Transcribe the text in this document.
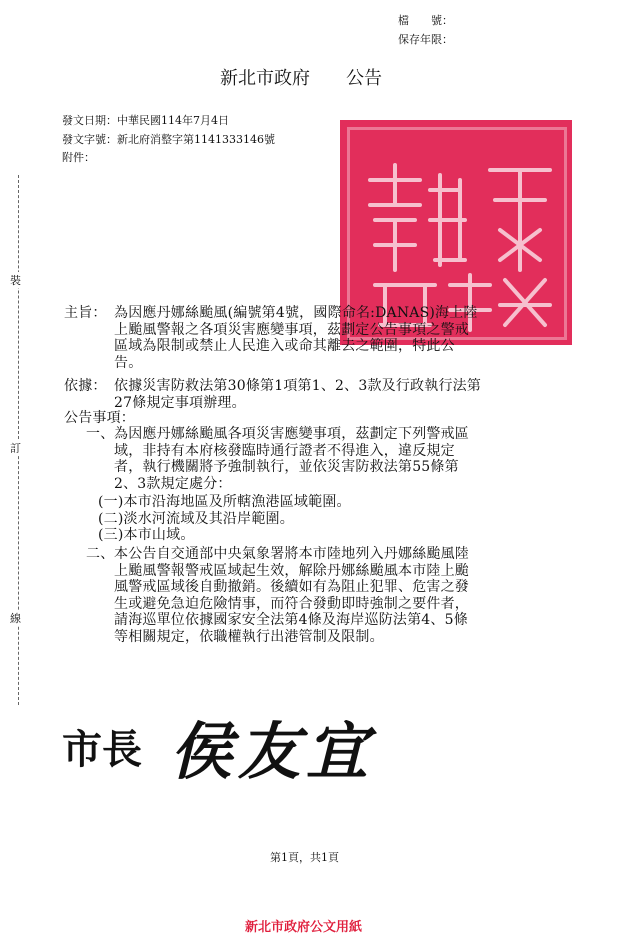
檔　　號：
保存年限：
新北市政府　　公告
發文日期：中華民國114年7月4日
發文字號：新北府消整字第1141333146號
附件：
裝
訂
線
主旨： 為因應丹娜絲颱風(編號第4號，國際命名:DANAS)海上陸
上颱風警報之各項災害應變事項，茲劃定公告事項之警戒
區域為限制或禁止人民進入或命其離去之範圍，特此公
告。
依據： 依據災害防救法第30條第1項第1、2、3款及行政執行法第
27條規定事項辦理。
公告事項：
一、 為因應丹娜絲颱風各項災害應變事項，茲劃定下列警戒區
域，非持有本府核發臨時通行證者不得進入，違反規定
者，執行機關將予強制執行，並依災害防救法第55條第
2、3款規定處分：
(一)本市沿海地區及所轄漁港區域範圍。
(二)淡水河流域及其沿岸範圍。
(三)本市山域。
二、 本公告自交通部中央氣象署將本市陸地列入丹娜絲颱風陸
上颱風警報警戒區域起生效，解除丹娜絲颱風本市陸上颱
風警戒區域後自動撤銷。後續如有為阻止犯罪、危害之發
生或避免急迫危險情事，而符合發動即時強制之要件者，
請海巡單位依據國家安全法第4條及海岸巡防法第4、5條
等相關規定，依職權執行出港管制及限制。
市長 侯友宜
第1頁，共1頁
新北市政府公文用紙
